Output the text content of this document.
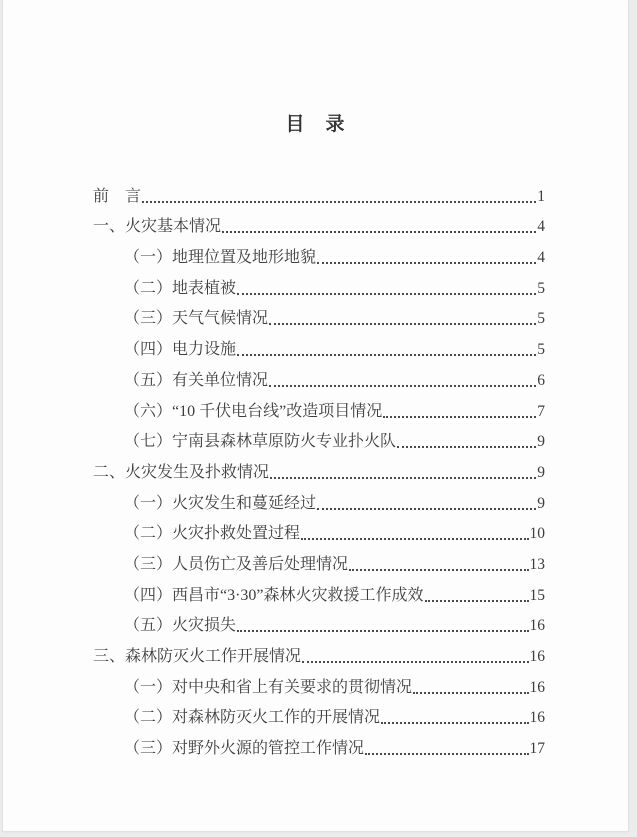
目　录
前　言	1
一、火灾基本情况	4
（一）地理位置及地形地貌	4
（二）地表植被	5
（三）天气气候情况	5
（四）电力设施	5
（五）有关单位情况	6
（六）“10 千伏电台线”改造项目情况	7
（七）宁南县森林草原防火专业扑火队	9
二、火灾发生及扑救情况	9
（一）火灾发生和蔓延经过	9
（二）火灾扑救处置过程	10
（三）人员伤亡及善后处理情况	13
（四）西昌市“3·30”森林火灾救援工作成效	15
（五）火灾损失	16
三、森林防灭火工作开展情况	16
（一）对中央和省上有关要求的贯彻情况	16
（二）对森林防灭火工作的开展情况	16
（三）对野外火源的管控工作情况	17
